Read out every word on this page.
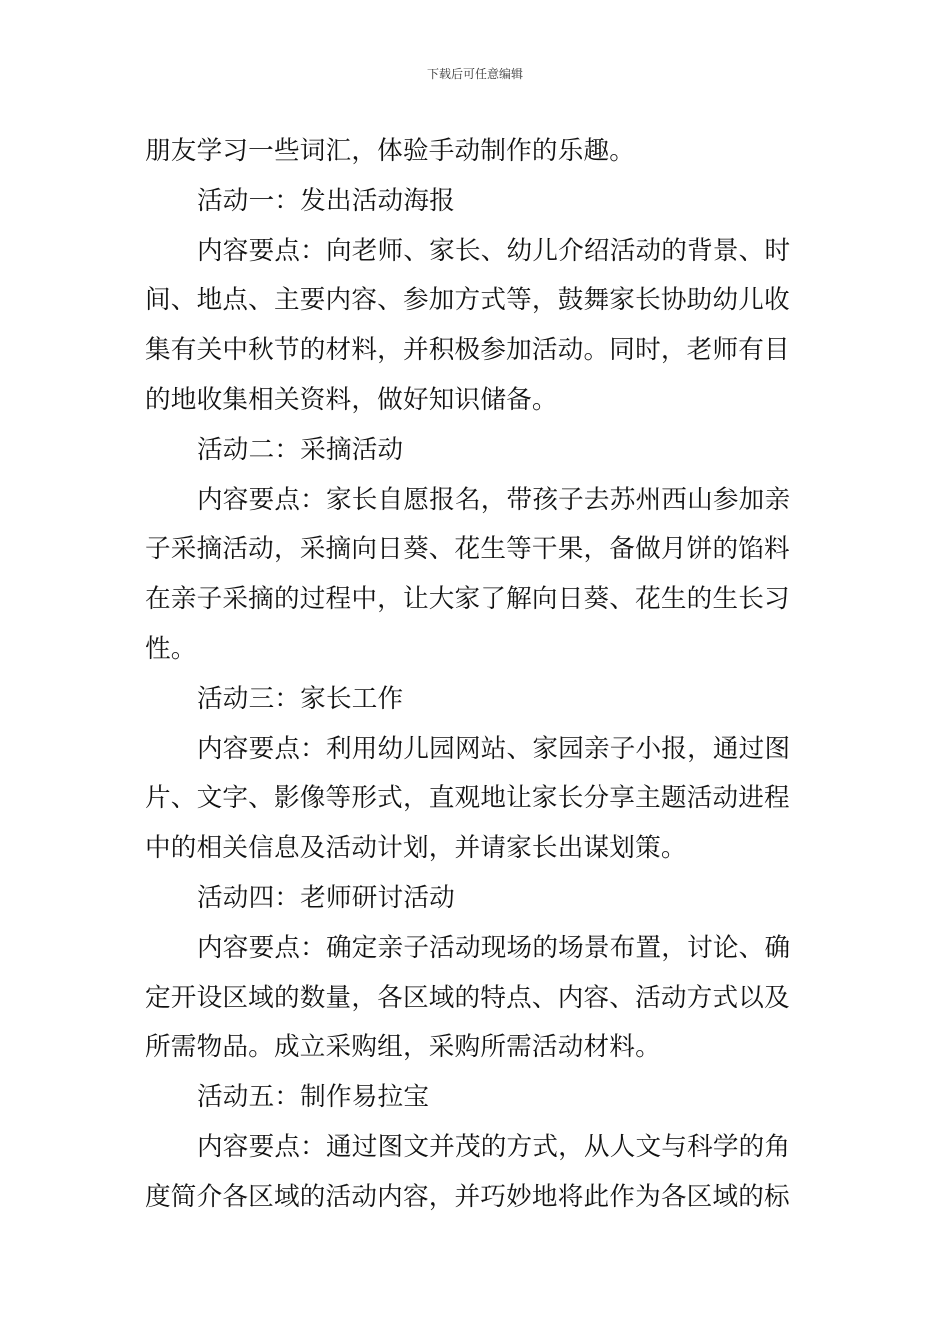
下载后可任意编辑

朋友学习一些词汇，体验手动制作的乐趣。

活动一：发出活动海报

内容要点：向老师、家长、幼儿介绍活动的背景、时间、地点、主要内容、参加方式等，鼓舞家长协助幼儿收集有关中秋节的材料，并积极参加活动。同时，老师有目的地收集相关资料，做好知识储备。

活动二：采摘活动

内容要点：家长自愿报名，带孩子去苏州西山参加亲子采摘活动，采摘向日葵、花生等干果，备做月饼的馅料在亲子采摘的过程中，让大家了解向日葵、花生的生长习性。

活动三：家长工作

内容要点：利用幼儿园网站、家园亲子小报，通过图片、文字、影像等形式，直观地让家长分享主题活动进程中的相关信息及活动计划，并请家长出谋划策。

活动四：老师研讨活动

内容要点：确定亲子活动现场的场景布置，讨论、确定开设区域的数量，各区域的特点、内容、活动方式以及所需物品。成立采购组，采购所需活动材料。

活动五：制作易拉宝

内容要点：通过图文并茂的方式，从人文与科学的角度简介各区域的活动内容，并巧妙地将此作为各区域的标
